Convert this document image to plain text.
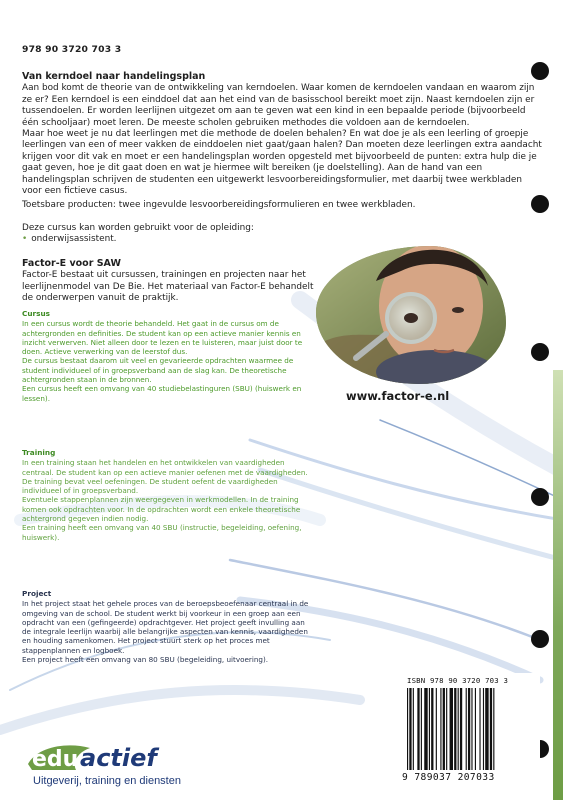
978 90 3720 703 3
Van kerndoel naar handelingsplan

Aan bod komt de theorie van de ontwikkeling van kerndoelen. Waar komen de kerndoelen vandaan en waarom zijn ze er? Een kerndoel is een einddoel dat aan het eind van de basisschool bereikt moet zijn. Naast kerndoelen zijn er tussendoelen. Er worden leerlijnen uitgezet om aan te geven wat een kind in een bepaalde periode (bijvoorbeeld één schooljaar) moet leren. De meeste scholen gebruiken methodes die voldoen aan de kerndoelen.

Maar hoe weet je nu dat leerlingen met die methode de doelen behalen? En wat doe je als een leerling of groepje leerlingen van een of meer vakken de einddoelen niet gaat/gaan halen? Dan moeten deze leerlingen extra aandacht krijgen voor dit vak en moet er een handelingsplan worden opgesteld met bijvoorbeeld de punten: extra hulp die je gaat geven, hoe je dit gaat doen en wat je hiermee wilt bereiken (je doelstelling). Aan de hand van een handelingsplan schrijven de studenten een uitgewerkt lesvoorbereidingsformulier, met daarbij twee werkbladen voor een fictieve casus.

Toetsbare producten: twee ingevulde lesvoorbereidingsformulieren en twee werkbladen.

Deze cursus kan worden gebruikt voor de opleiding:

• onderwijsassistent.
Factor-E voor SAW

Factor-E bestaat uit cursussen, trainingen en projecten naar het leerlijnenmodel van De Bie. Het materiaal van Factor-E behandelt de onderwerpen vanuit de praktijk.

www.factor-e.nl
Cursus

In een cursus wordt de theorie behandeld. Het gaat in de cursus om de achtergronden en definities. De student kan op een actieve manier kennis en inzicht verwerven. Niet alleen door te lezen en te luisteren, maar juist door te doen. Actieve verwerking van de leerstof dus.

De cursus bestaat daarom uit veel en gevarieerde opdrachten waarmee de student individueel of in groepsverband aan de slag kan. De theoretische achtergronden staan in de bronnen.

Een cursus heeft een omvang van 40 studiebelastinguren (SBU) (huiswerk en lessen).

Training

In een training staan het handelen en het ontwikkelen van vaardigheden centraal. De student kan op een actieve manier oefenen met de vaardigheden.

De training bevat veel oefeningen. De student oefent de vaardigheden individueel of in groepsverband.

Eventuele stappenplannen zijn weergegeven in werkmodellen. In de training komen ook opdrachten voor. In de opdrachten wordt een enkele theoretische achtergrond gegeven indien nodig.

Een training heeft een omvang van 40 SBU (instructie, begeleiding, oefening, huiswerk).

Project

In het project staat het gehele proces van de beroepsbeoefenaar centraal in de omgeving van de school. De student werkt bij voorkeur in een groep aan een opdracht van een (gefingeerde) opdrachtgever. Het project geeft invulling aan de integrale leerlijn waarbij alle belangrijke aspecten van kennis, vaardigheden en houding samenkomen. Het project stuurt sterk op het proces met stappenplannen en logboek.

Een project heeft een omvang van 80 SBU (begeleiding, uitvoering).

ISBN 978 90 3720 703 3
9 789037 207033
edu actief
Uitgeverij, training en diensten
